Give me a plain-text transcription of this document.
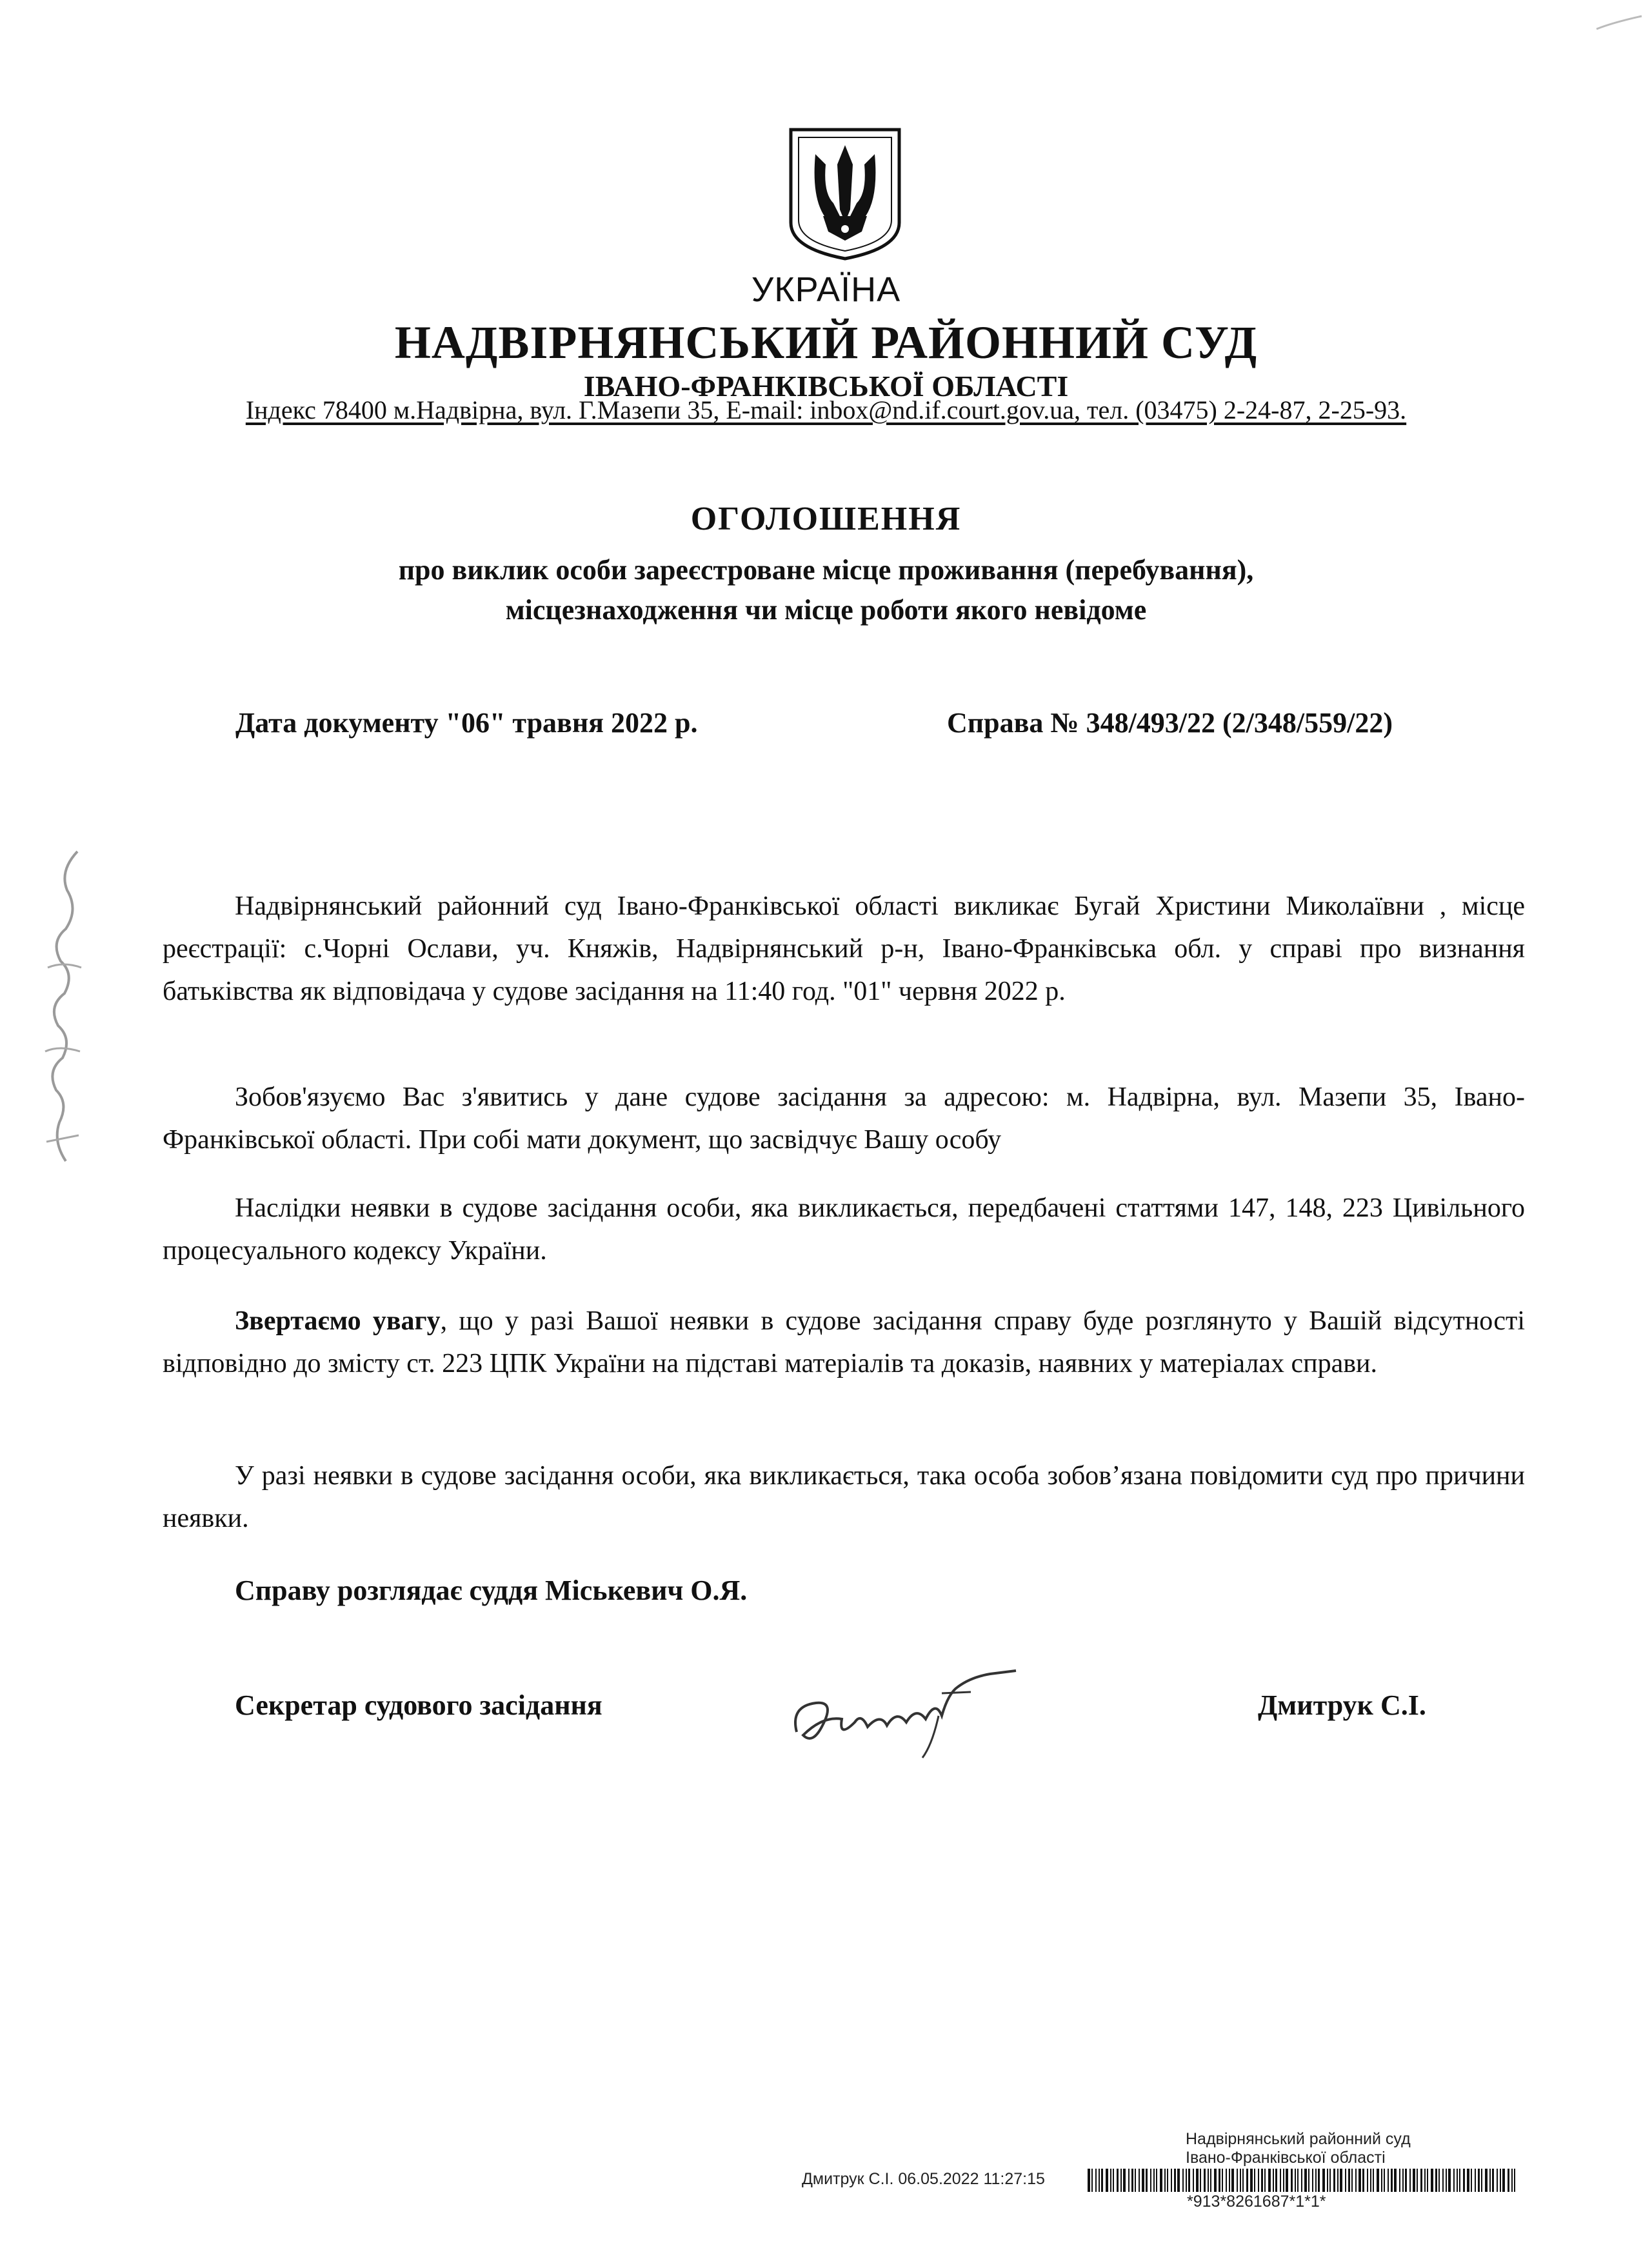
УКРАЇНА
НАДВІРНЯНСЬКИЙ РАЙОННИЙ СУД
ІВАНО-ФРАНКІВСЬКОЇ ОБЛАСТІ
Індекс 78400 м.Надвірна, вул. Г.Мазепи 35, E-mail: inbox@nd.if.court.gov.ua, тел. (03475) 2-24-87, 2-25-93.
ОГОЛОШЕННЯ
про виклик особи зареєстроване місце проживання (перебування),
місцезнаходження чи місце роботи якого невідоме
Дата документу "06" травня 2022 р.	Справа № 348/493/22 (2/348/559/22)
Надвірнянський районний суд Івано-Франківської області викликає Бугай Христини Миколаївни , місце реєстрації: с.Чорні Ослави, уч. Княжів, Надвірнянський р-н, Івано-Франківська обл. у справі про визнання батьківства як відповідача у судове засідання на 11:40 год. "01" червня 2022 р.
Зобов'язуємо Вас з'явитись у дане судове засідання за адресою: м. Надвірна, вул. Мазепи 35, Івано-Франківської області. При собі мати документ, що засвідчує Вашу особу
Наслідки неявки в судове засідання особи, яка викликається, передбачені статтями 147, 148, 223 Цивільного процесуального кодексу України.
Звертаємо увагу, що у разі Вашої неявки в судове засідання справу буде розглянуто у Вашій відсутності відповідно до змісту ст. 223 ЦПК України на підставі матеріалів та доказів, наявних у матеріалах справи.
У разі неявки в судове засідання особи, яка викликається, така особа зобов’язана повідомити суд про причини неявки.
Справу розглядає суддя Міськевич О.Я.
Секретар судового засідання	Дмитрук С.І.
Надвірнянський районний суд
Івано-Франківської області
Дмитрук С.І. 06.05.2022 11:27:15
*913*8261687*1*1*
